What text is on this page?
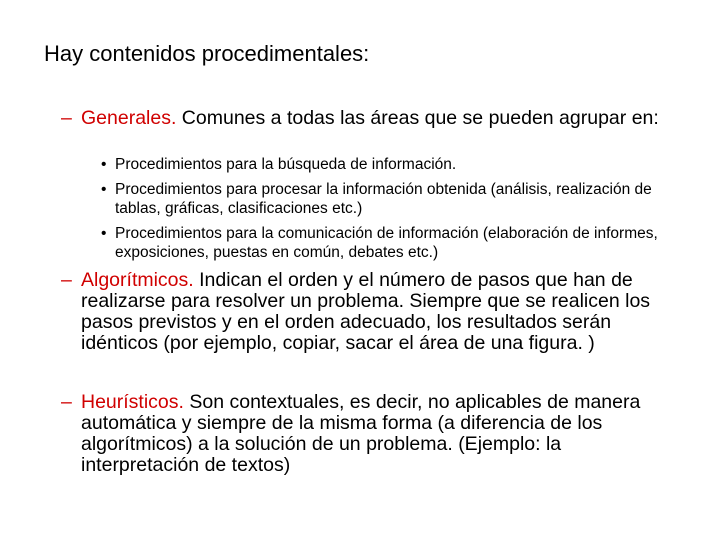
Hay contenidos procedimentales:
– Generales. Comunes a todas las áreas que se pueden agrupar en:
• Procedimientos para la búsqueda de información.
• Procedimientos para procesar la información obtenida (análisis, realización de tablas, gráficas, clasificaciones etc.)
• Procedimientos para la comunicación de información (elaboración de informes, exposiciones, puestas en común, debates etc.)
– Algorítmicos. Indican el orden y el número de pasos que han de realizarse para resolver un problema. Siempre que se realicen los pasos previstos y en el orden adecuado, los resultados serán idénticos (por ejemplo, copiar, sacar el área de una figura. )
– Heurísticos. Son contextuales, es decir, no aplicables de manera automática y siempre de la misma forma (a diferencia de los algorítmicos) a la solución de un problema. (Ejemplo: la interpretación de textos)
